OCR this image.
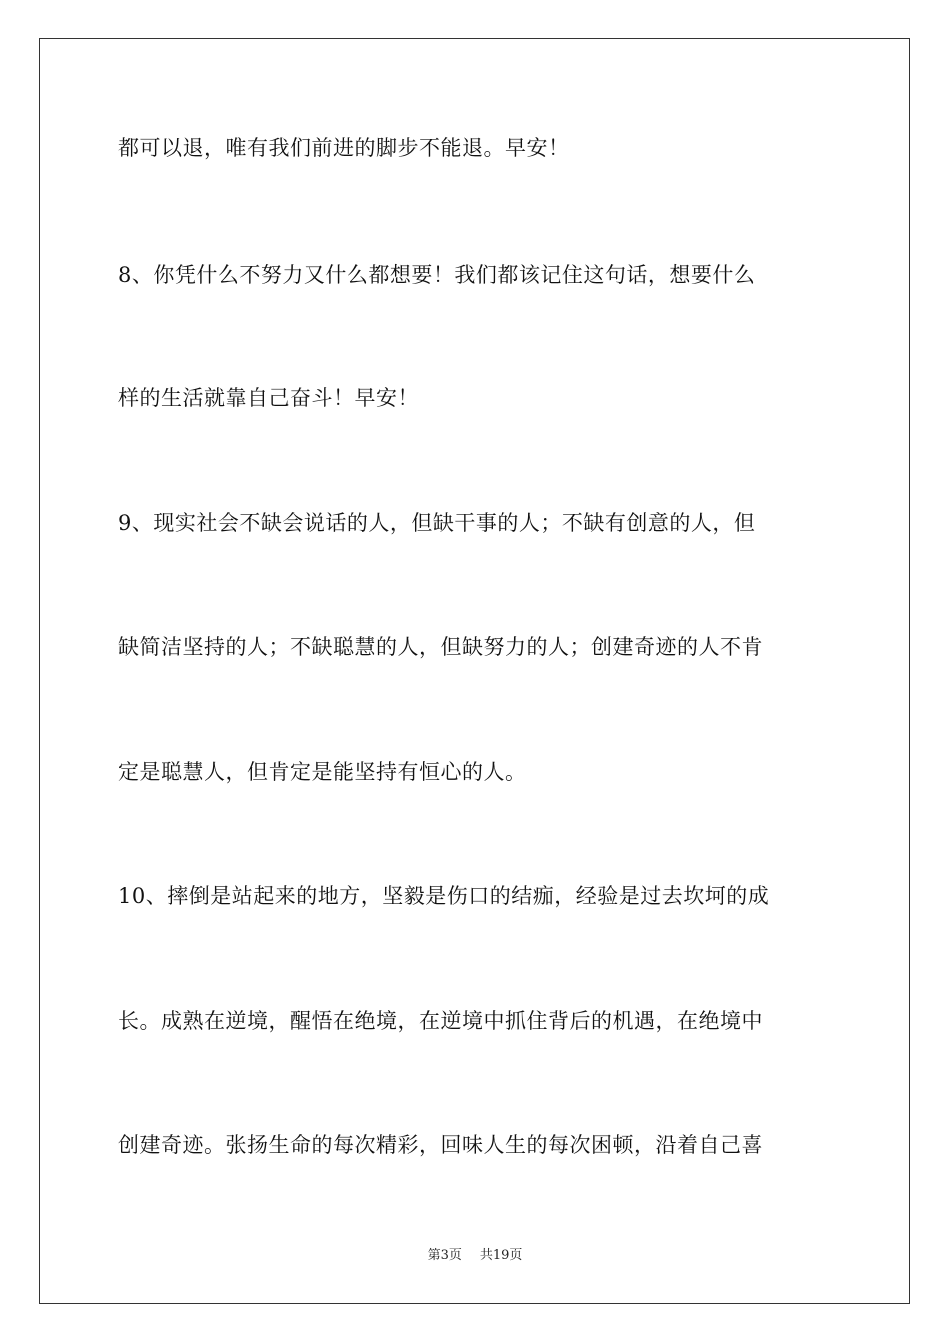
都可以退，唯有我们前进的脚步不能退。早安！
8、你凭什么不努力又什么都想要！我们都该记住这句话，想要什么
样的生活就靠自己奋斗！早安！
9、现实社会不缺会说话的人，但缺干事的人；不缺有创意的人，但
缺简洁坚持的人；不缺聪慧的人，但缺努力的人；创建奇迹的人不肯
定是聪慧人，但肯定是能坚持有恒心的人。
10、摔倒是站起来的地方，坚毅是伤口的结痂，经验是过去坎坷的成
长。成熟在逆境，醒悟在绝境，在逆境中抓住背后的机遇，在绝境中
创建奇迹。张扬生命的每次精彩，回味人生的每次困顿，沿着自己喜
第3页 共19页
